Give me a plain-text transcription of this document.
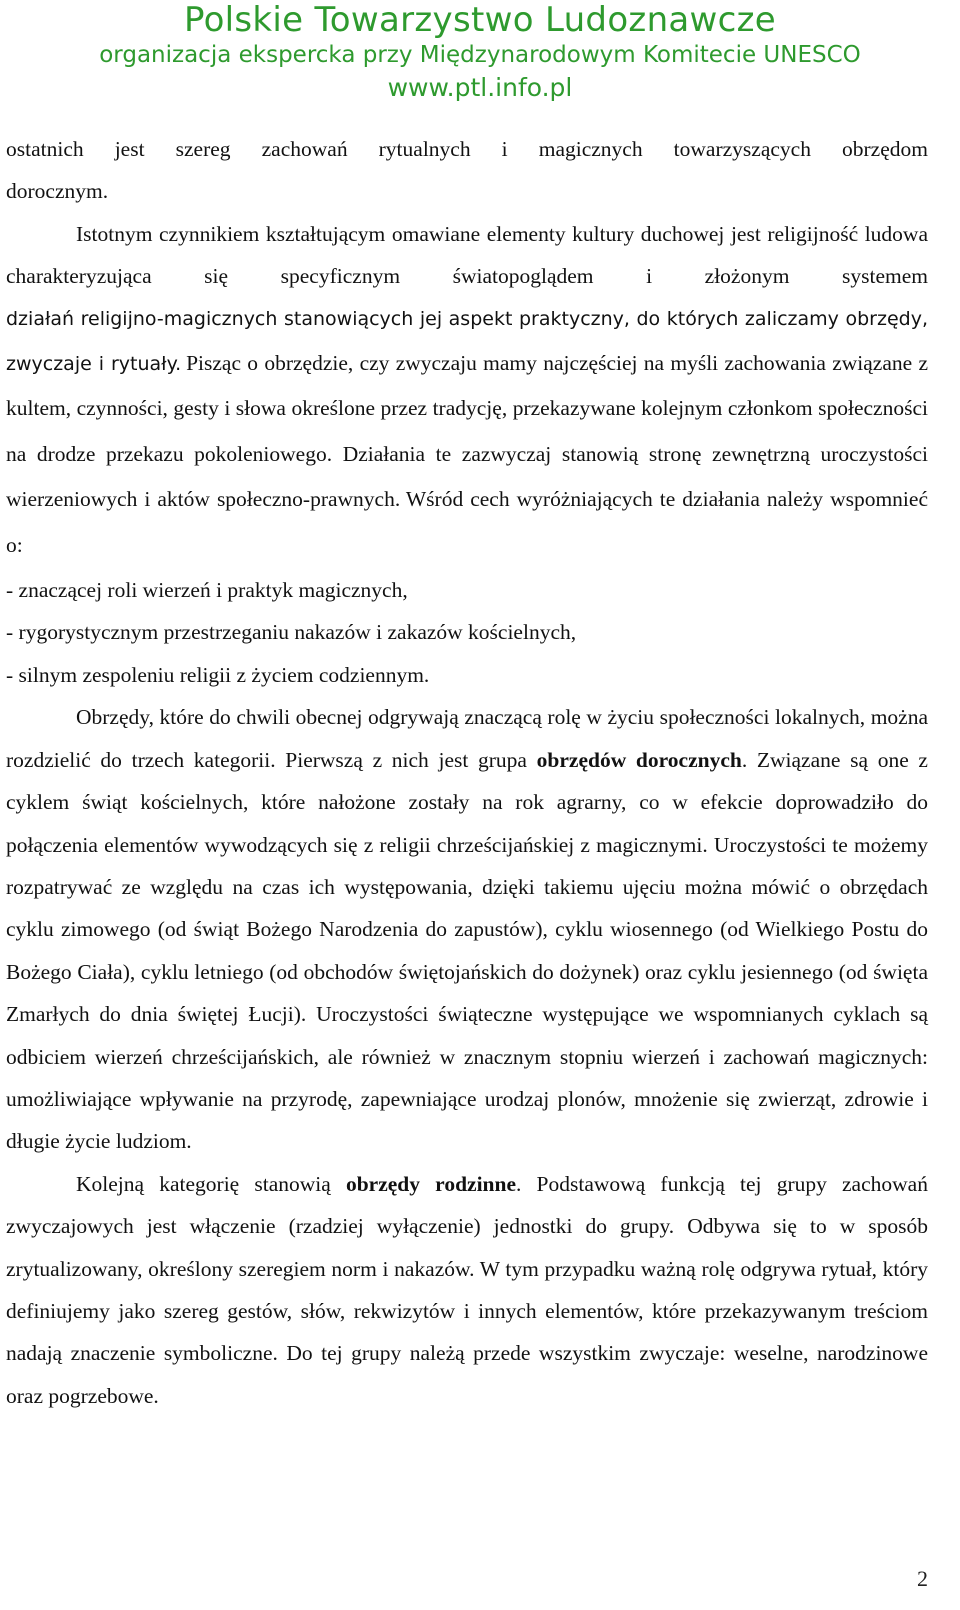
Polskie Towarzystwo Ludoznawcze
organizacja ekspercka przy Międzynarodowym Komitecie UNESCO
www.ptl.info.pl

ostatnich jest szereg zachowań rytualnych i magicznych towarzyszących obrzędom

dorocznym.

Istotnym czynnikiem kształtującym omawiane elementy kultury duchowej jest religijność ludowa charakteryzująca się specyficznym światopoglądem i złożonym systemem

działań religijno-magicznych stanowiących jej aspekt praktyczny, do których zaliczamy obrzędy, zwyczaje i rytuały. Pisząc o obrzędzie, czy zwyczaju mamy najczęściej na myśli zachowania związane z kultem, czynności, gesty i słowa określone przez tradycję, przekazywane kolejnym członkom społeczności na drodze przekazu pokoleniowego. Działania te zazwyczaj stanowią stronę zewnętrzną uroczystości wierzeniowych i aktów społeczno-prawnych. Wśród cech wyróżniających te działania należy wspomnieć o:

- znaczącej roli wierzeń i praktyk magicznych,

- rygorystycznym przestrzeganiu nakazów i zakazów kościelnych,

- silnym zespoleniu religii z życiem codziennym.

Obrzędy, które do chwili obecnej odgrywają znaczącą rolę w życiu społeczności lokalnych, można rozdzielić do trzech kategorii. Pierwszą z nich jest grupa obrzędów dorocznych. Związane są one z cyklem świąt kościelnych, które nałożone zostały na rok agrarny, co w efekcie doprowadziło do połączenia elementów wywodzących się z religii chrześcijańskiej z magicznymi. Uroczystości te możemy rozpatrywać ze względu na czas ich występowania, dzięki takiemu ujęciu można mówić o obrzędach cyklu zimowego (od świąt Bożego Narodzenia do zapustów), cyklu wiosennego (od Wielkiego Postu do Bożego Ciała), cyklu letniego (od obchodów świętojańskich do dożynek) oraz cyklu jesiennego (od święta Zmarłych do dnia świętej Łucji). Uroczystości świąteczne występujące we wspomnianych cyklach są odbiciem wierzeń chrześcijańskich, ale również w znacznym stopniu wierzeń i zachowań magicznych: umożliwiające wpływanie na przyrodę, zapewniające urodzaj plonów, mnożenie się zwierząt, zdrowie i długie życie ludziom.

Kolejną kategorię stanowią obrzędy rodzinne. Podstawową funkcją tej grupy zachowań zwyczajowych jest włączenie (rzadziej wyłączenie) jednostki do grupy. Odbywa się to w sposób zrytualizowany, określony szeregiem norm i nakazów. W tym przypadku ważną rolę odgrywa rytuał, który definiujemy jako szereg gestów, słów, rekwizytów i innych elementów, które przekazywanym treściom nadają znaczenie symboliczne. Do tej grupy należą przede wszystkim zwyczaje: weselne, narodzinowe oraz pogrzebowe.

2
